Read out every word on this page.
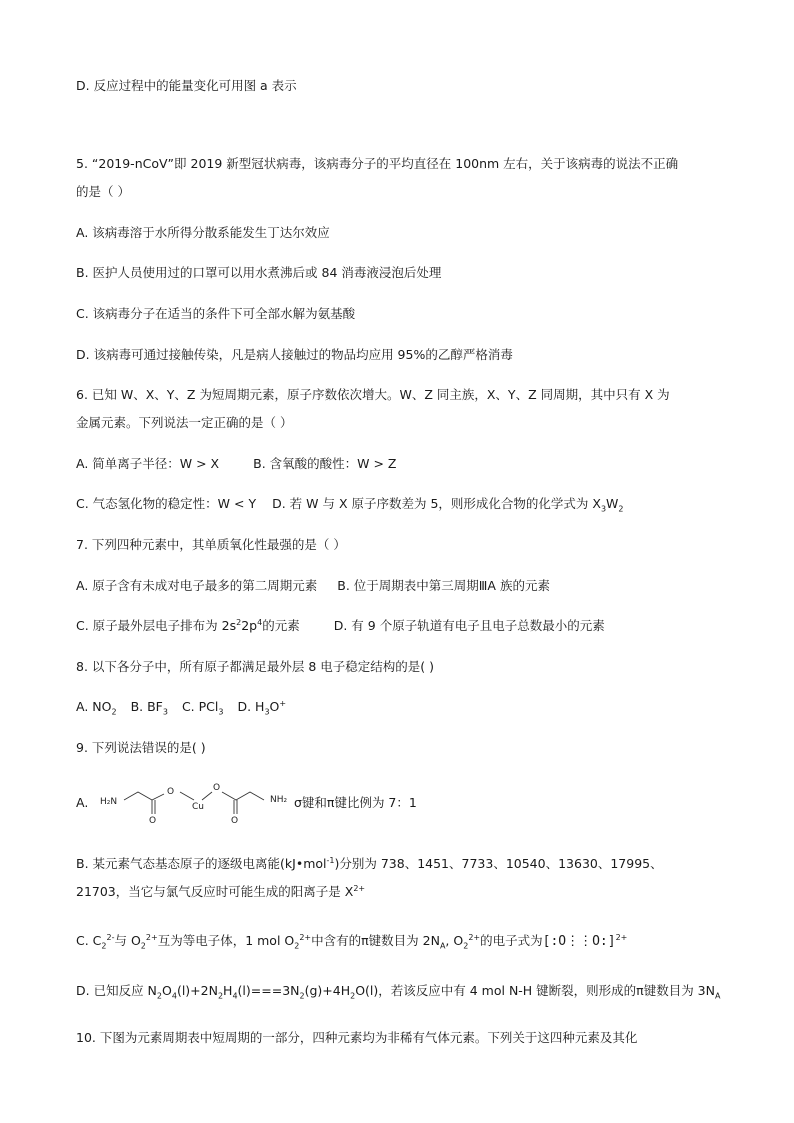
D. 反应过程中的能量变化可用图 a 表示
5. “2019-nCoV”即 2019 新型冠状病毒，该病毒分子的平均直径在 100nm 左右，关于该病毒的说法不正确
的是（ ）
A. 该病毒溶于水所得分散系能发生丁达尔效应
B. 医护人员使用过的口罩可以用水煮沸后或 84 消毒液浸泡后处理
C. 该病毒分子在适当的条件下可全部水解为氨基酸
D. 该病毒可通过接触传染，凡是病人接触过的物品均应用 95%的乙醇严格消毒
6. 已知 W、X、Y、Z 为短周期元素，原子序数依次增大。W、Z 同主族，X、Y、Z 同周期，其中只有 X 为
金属元素。下列说法一定正确的是（ ）
A. 简单离子半径：W > X	B. 含氧酸的酸性：W > Z
C. 气态氢化物的稳定性：W < Y D. 若 W 与 X 原子序数差为 5，则形成化合物的化学式为 $X_3W_2$
7. 下列四种元素中，其单质氧化性最强的是（ ）
A. 原子含有未成对电子最多的第二周期元素 B. 位于周期表中第三周期ⅢA 族的元素
C. 原子最外层电子排布为 $2s^22p^4$的元素	D. 有 9 个原子轨道有电子且电子总数最小的元素
8. 以下各分子中，所有原子都满足最外层 8 电子稳定结构的是( )
A. $NO_2$ B. $BF_3$ C. PCl$_3$ D. $H_3O^+$
9. 下列说法错误的是( )
A. H₂N
O
Cu
O
O	O
NH₂ σ键和π键比例为 7：1
B. 某元素气态基态原子的逐级电离能(kJ•mol$^{-1}$)分别为 738、1451、7733、10540、13630、17995、
21703，当它与氯气反应时可能生成的阳离子是 $X^{2+}$
C. $C_2^{2-}$与 $O_2^{2+}$互为等电子体，1 mol $O_2^{2+}$中含有的π键数目为 $2N_A$, $O_2^{2+}$的电子式为[:O⋮⋮O:]$^{2+}$
D. 已知反应 $N_2O_4(l)+2N_2H_4(l)===3N_2(g)+4H_2O(l)$，若该反应中有 4 mol N-H 键断裂，则形成的π键数目为 $3N_A$
10. 下图为元素周期表中短周期的一部分，四种元素均为非稀有气体元素。下列关于这四种元素及其化
